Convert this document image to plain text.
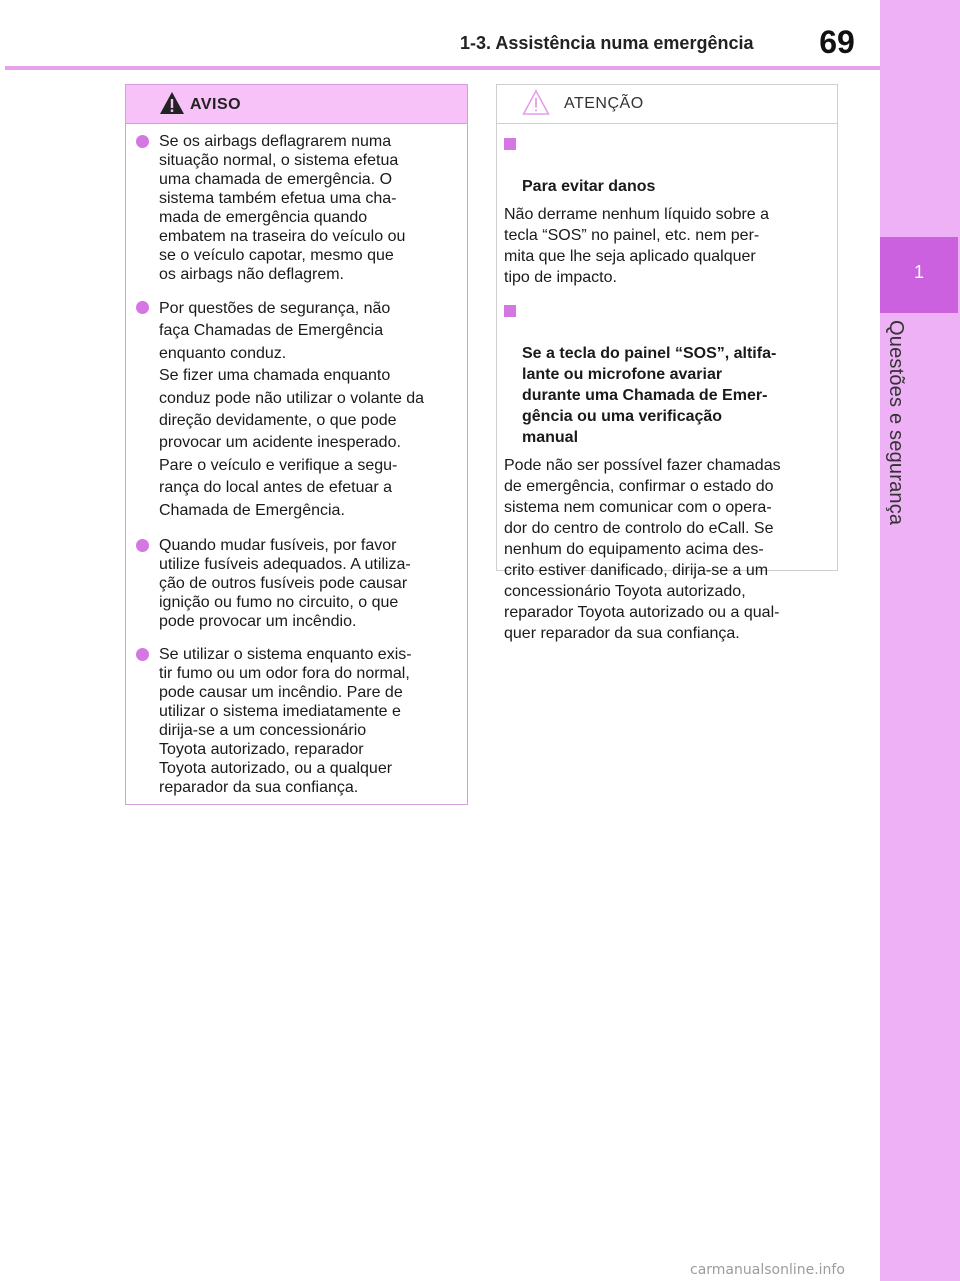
1-3. Assistência numa emergência	69
1
Questões e segurança
AVISO
Se os airbags deflagrarem numa
situação normal, o sistema efetua
uma chamada de emergência. O
sistema também efetua uma cha-
mada de emergência quando
embatem na traseira do veículo ou
se o veículo capotar, mesmo que
os airbags não deflagrem.
Por questões de segurança, não
faça Chamadas de Emergência
enquanto conduz.
Se fizer uma chamada enquanto
conduz pode não utilizar o volante da
direção devidamente, o que pode
provocar um acidente inesperado.
Pare o veículo e verifique a segu-
rança do local antes de efetuar a
Chamada de Emergência.
Quando mudar fusíveis, por favor
utilize fusíveis adequados. A utiliza-
ção de outros fusíveis pode causar
ignição ou fumo no circuito, o que
pode provocar um incêndio.
Se utilizar o sistema enquanto exis-
tir fumo ou um odor fora do normal,
pode causar um incêndio. Pare de
utilizar o sistema imediatamente e
dirija-se a um concessionário
Toyota autorizado, reparador
Toyota autorizado, ou a qualquer
reparador da sua confiança.
ATENÇÃO

Para evitar danos

Não derrame nenhum líquido sobre a
tecla “SOS” no painel, etc. nem per-
mita que lhe seja aplicado qualquer
tipo de impacto.

Se a tecla do painel “SOS”, altifa-
lante ou microfone avariar
durante uma Chamada de Emer-
gência ou uma verificação
manual

Pode não ser possível fazer chamadas
de emergência, confirmar o estado do
sistema nem comunicar com o opera-
dor do centro de controlo do eCall. Se
nenhum do equipamento acima des-
crito estiver danificado, dirija-se a um
concessionário Toyota autorizado,
reparador Toyota autorizado ou a qual-
quer reparador da sua confiança.
carmanualsonline.info
